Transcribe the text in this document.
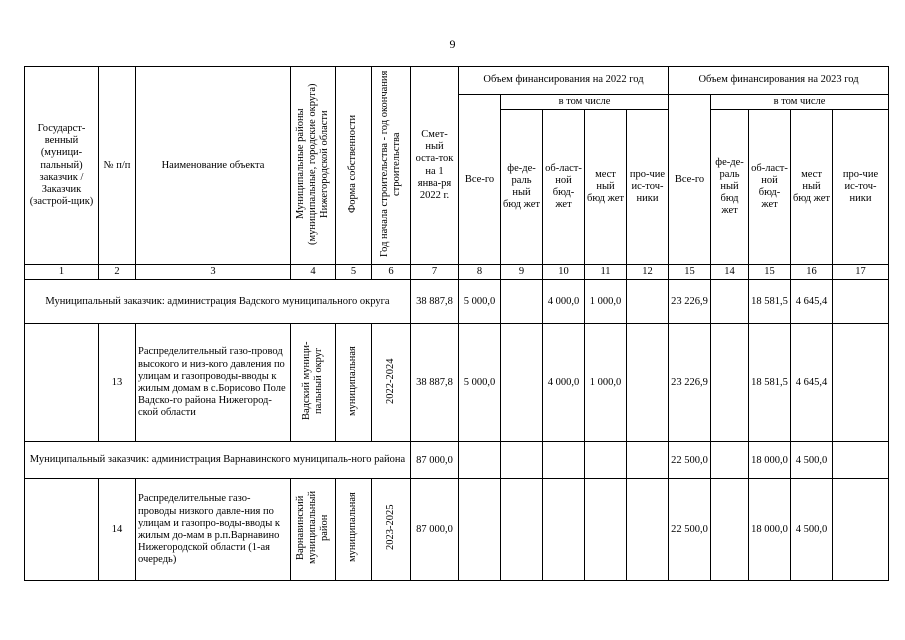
9
Государст-венный (муници-пальный) заказчик / Заказчик (застрой-щик)	№ п/п	Наименование объекта	Муниципальные районы (муниципальные, городские округа) Нижегородской области	Форма собственности	Год начала строительства - год окончания строительства	Смет-ный оста-ток на 1 янва-ря 2022 г.	Объем финансирования на 2022 год					Объем финансирования на 2023 год				
							Все-го	в том числе				Все-го	в том числе			
								фе-де-раль ный бюд жет	об-ласт-ной бюд-жет	мест ный бюд жет	про-чие ис-точ-ники		фе-де-раль ный бюд жет	об-ласт-ной бюд-жет	мест ный бюд жет	про-чие ис-точ-ники
1	2	3	4	5	6	7	8	9	10	11	12	15	14	15	16	17
Муниципальный заказчик: администрация Вадского муниципального округа						38 887,8	5 000,0		4 000,0	1 000,0		23 226,9		18 581,5	4 645,4	
	13	Распределительный газо-провод высокого и низ-кого давления по улицам и газопроводы-вводы к жилым домам в с.Борисово Поле Вадско-го района Нижегород-ской области	Вадский муници-пальный округ	муниципальная	2022-2024	38 887,8	5 000,0		4 000,0	1 000,0		23 226,9		18 581,5	4 645,4	
Муниципальный заказчик: администрация Варнавинского муниципаль-ного района						87 000,0						22 500,0		18 000,0	4 500,0	
	14	Распределительные газо-проводы низкого давле-ния по улицам и газопро-воды-вводы к жилым до-мам в р.п.Варнавино Нижегородской области (1-ая очередь)	Варнавинский муниципальный район	муниципальная	2023-2025	87 000,0						22 500,0		18 000,0	4 500,0	
